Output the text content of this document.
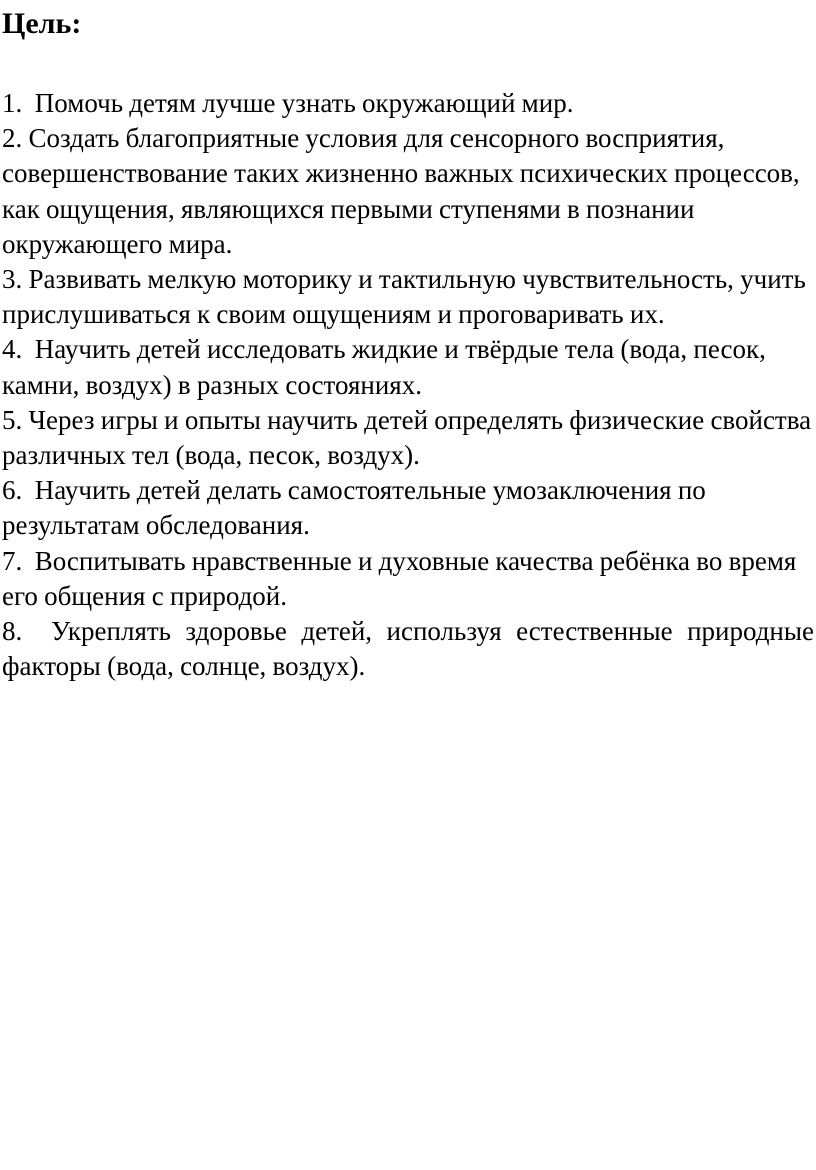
Цель:

1. Помочь детям лучше узнать окружающий мир.

2. Создать благоприятные условия для сенсорного восприятия, совершенствование таких жизненно важных психических процессов, как ощущения, являющихся первыми ступенями в познании окружающего мира.

3. Развивать мелкую моторику и тактильную чувствительность, учить прислушиваться к своим ощущениям и проговаривать их.

4. Научить детей исследовать жидкие и твёрдые тела (вода, песок, камни, воздух) в разных состояниях.

5. Через игры и опыты научить детей определять физические свойства различных тел (вода, песок, воздух).

6. Научить детей делать самостоятельные умозаключения по результатам обследования.

7. Воспитывать нравственные и духовные качества ребёнка во время его общения с природой.

8. Укреплять здоровье детей, используя естественные природные факторы (вода, солнце, воздух).
